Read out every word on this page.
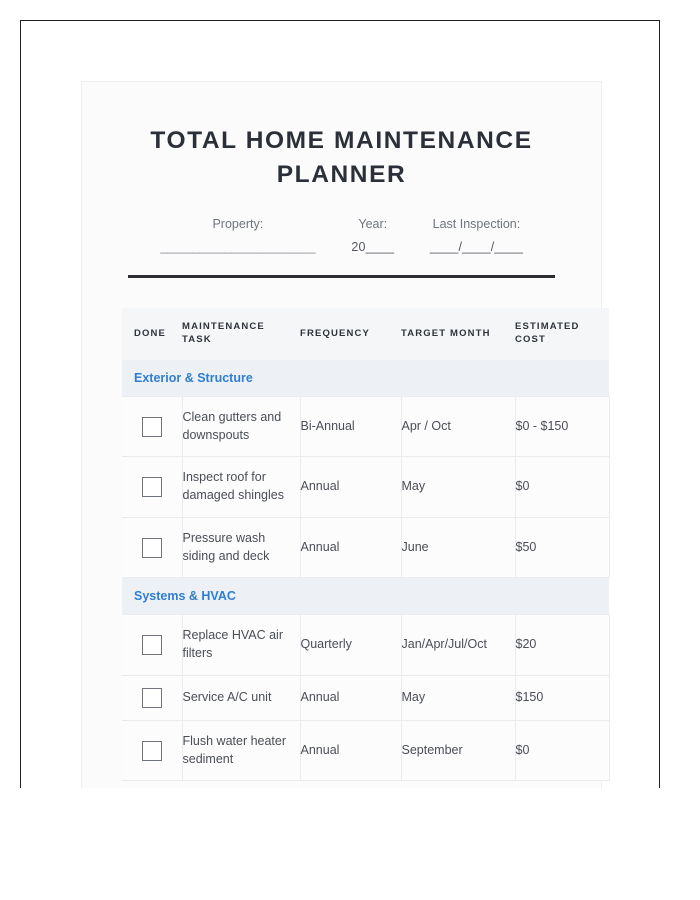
TOTAL HOME MAINTENANCE PLANNER
Property:
________________________
Year:
20____
Last Inspection:
____/____/____
DONE	MAINTENANCE TASK	FREQUENCY	TARGET MONTH	ESTIMATED COST
Exterior & Structure				

	Clean gutters and downspouts	Bi-Annual	Apr / Oct	$0 - $150

	Inspect roof for damaged shingles	Annual	May	$0

	Pressure wash siding and deck	Annual	June	$50
Systems & HVAC				

	Replace HVAC air filters	Quarterly	Jan/Apr/Jul/Oct	$20

	Service A/C unit	Annual	May	$150

	Flush water heater sediment	Annual	September	$0
